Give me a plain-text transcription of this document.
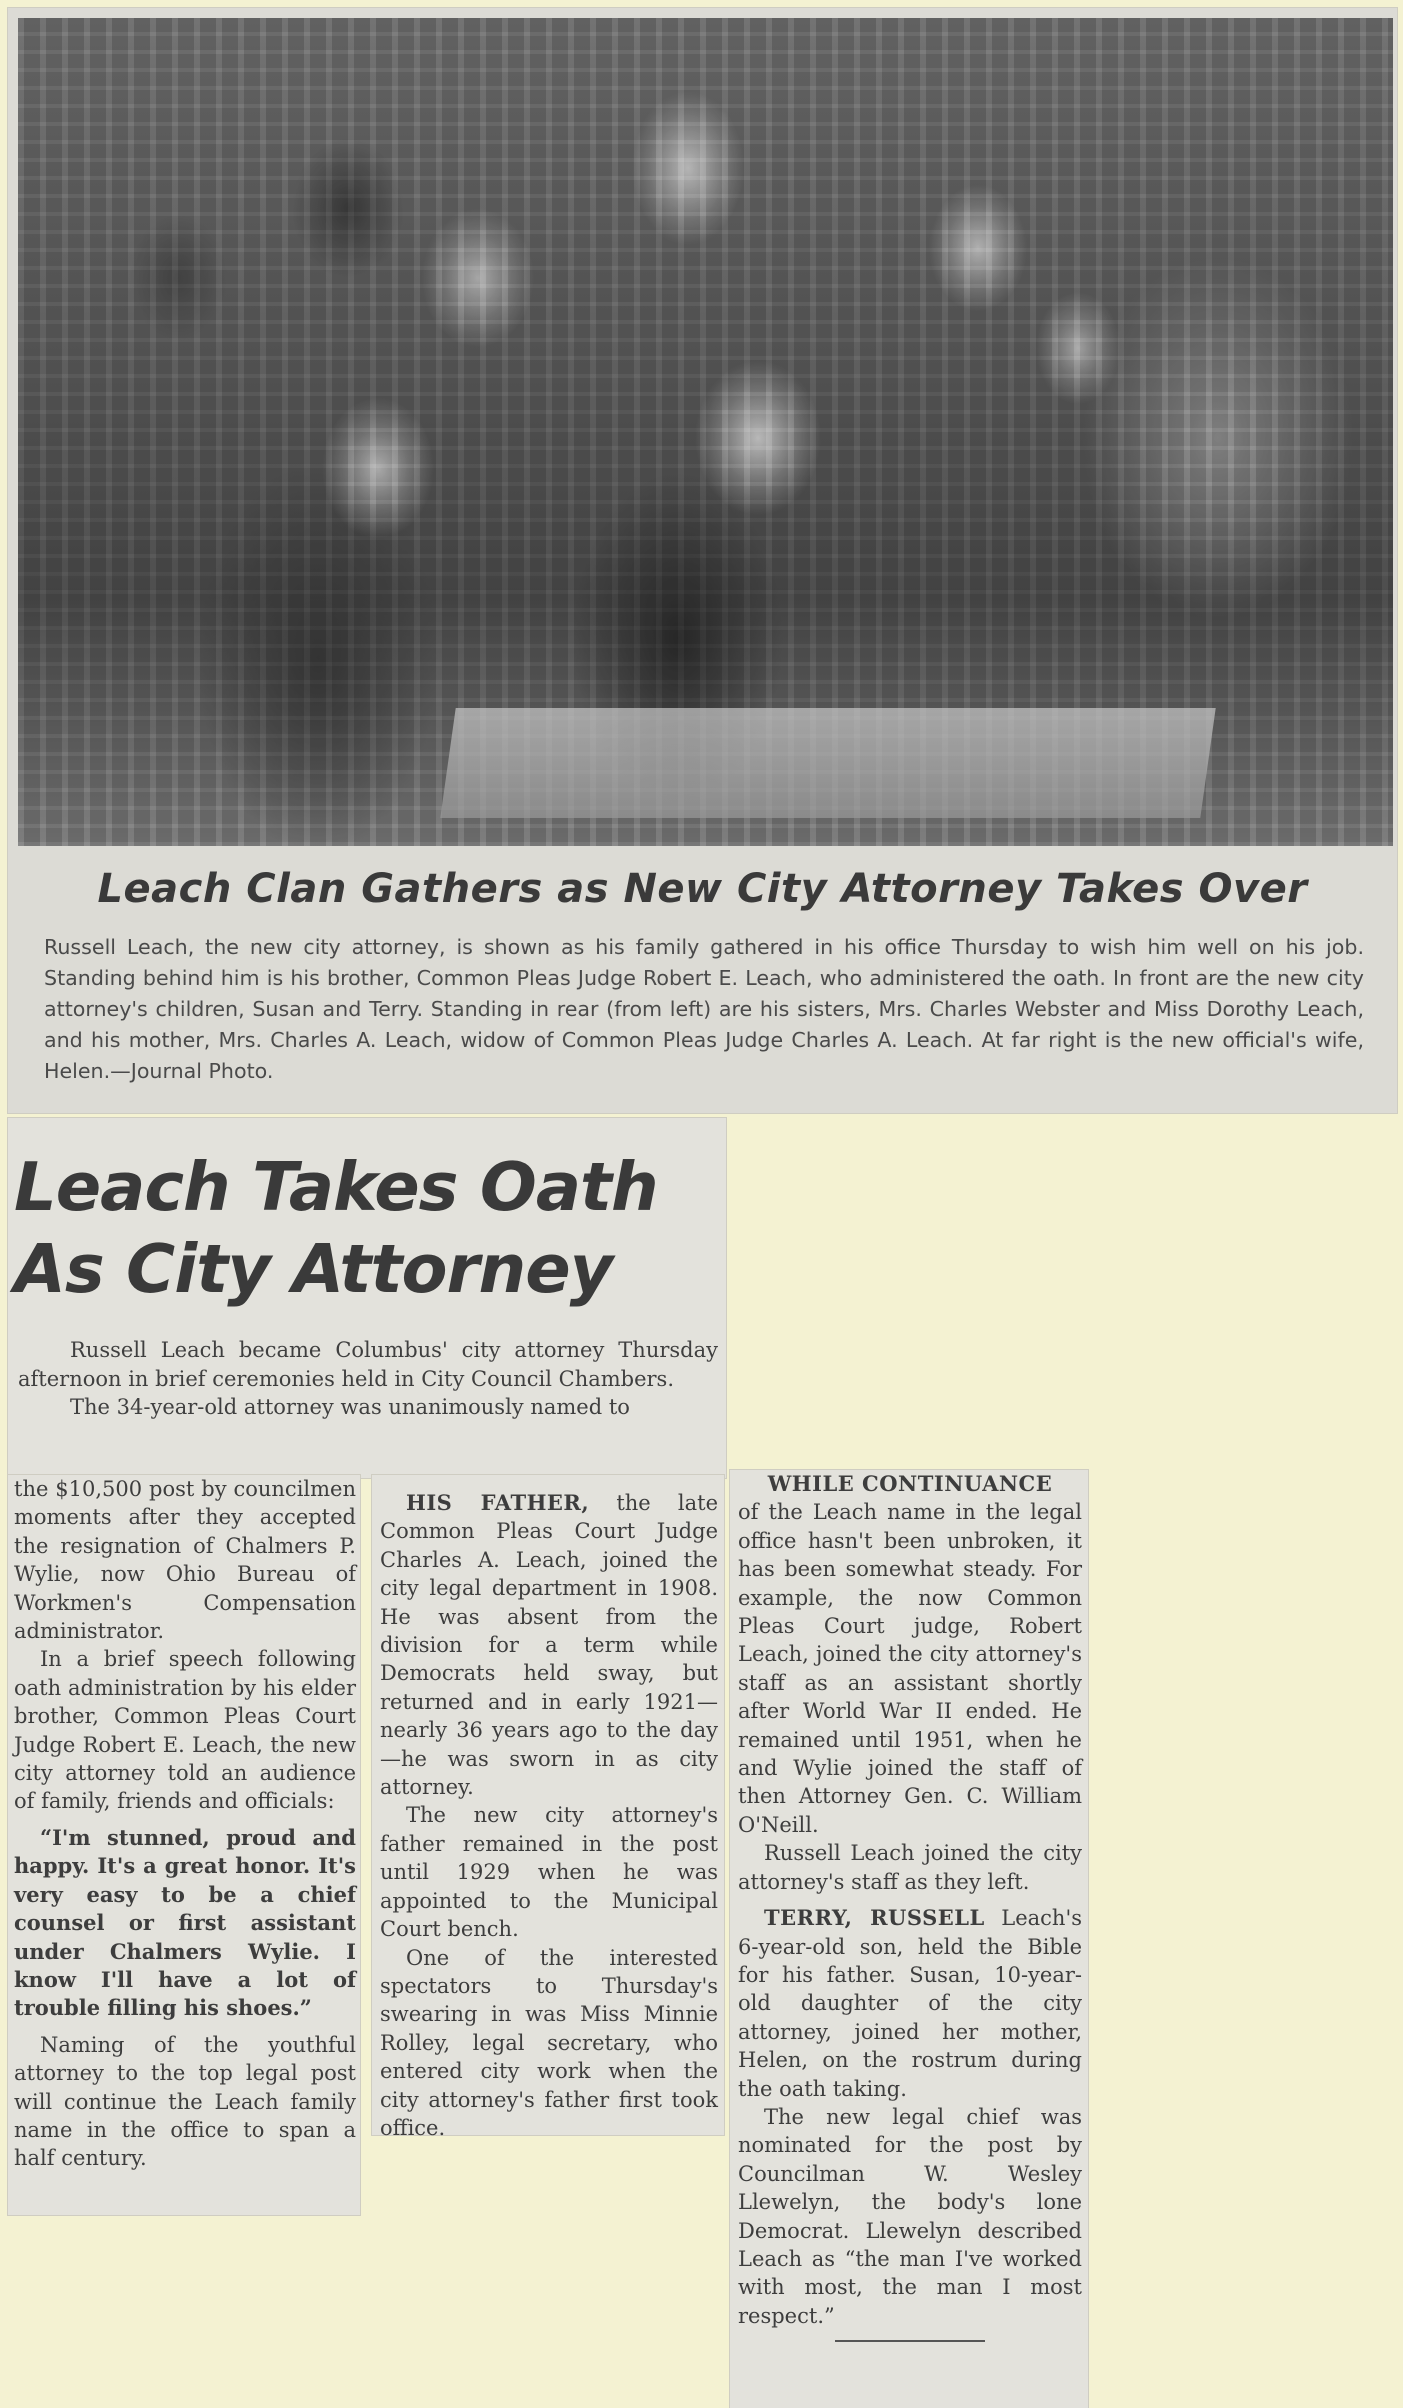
Leach Clan Gathers as New City Attorney Takes Over
Russell Leach, the new city attorney, is shown as his family gathered in his office Thursday to wish him well on his job. Standing behind him is his brother, Common Pleas Judge Robert E. Leach, who administered the oath. In front are the new city attorney's children, Susan and Terry. Standing in rear (from left) are his sisters, Mrs. Charles Webster and Miss Dorothy Leach, and his mother, Mrs. Charles A. Leach, widow of Common Pleas Judge Charles A. Leach. At far right is the new official's wife, Helen.—Journal Photo.
Leach Takes Oath
As City Attorney

Russell Leach became Columbus' city attorney Thursday afternoon in brief ceremonies held in City Council Chambers.

The 34-year-old attorney was unanimously named to

the $10,500 post by councilmen moments after they accepted the resignation of Chalmers P. Wylie, now Ohio Bureau of Workmen's Compensation administrator.

In a brief speech following oath administration by his elder brother, Common Pleas Court Judge Robert E. Leach, the new city attorney told an audience of family, friends and officials:

“I'm stunned, proud and happy. It's a great honor. It's very easy to be a chief counsel or first assistant under Chalmers Wylie. I know I'll have a lot of trouble filling his shoes.”

Naming of the youthful attorney to the top legal post will continue the Leach family name in the office to span a half century.

HIS FATHER, the late Common Pleas Court Judge Charles A. Leach, joined the city legal department in 1908. He was absent from the division for a term while Democrats held sway, but returned and in early 1921—nearly 36 years ago to the day—he was sworn in as city attorney.

The new city attorney's father remained in the post until 1929 when he was appointed to the Municipal Court bench.

One of the interested spectators to Thursday's swearing in was Miss Minnie Rolley, legal secretary, who entered city work when the city attorney's father first took office.

WHILE CONTINUANCE

of the Leach name in the legal office hasn't been unbroken, it has been somewhat steady. For example, the now Common Pleas Court judge, Robert Leach, joined the city attorney's staff as an assistant shortly after World War II ended. He remained until 1951, when he and Wylie joined the staff of then Attorney Gen. C. William O'Neill.

Russell Leach joined the city attorney's staff as they left.

TERRY, RUSSELL Leach's 6-year-old son, held the Bible for his father. Susan, 10-year-old daughter of the city attorney, joined her mother, Helen, on the rostrum during the oath taking.

The new legal chief was nominated for the post by Councilman W. Wesley Llewelyn, the body's lone Democrat. Llewelyn described Leach as “the man I've worked with most, the man I most respect.”
